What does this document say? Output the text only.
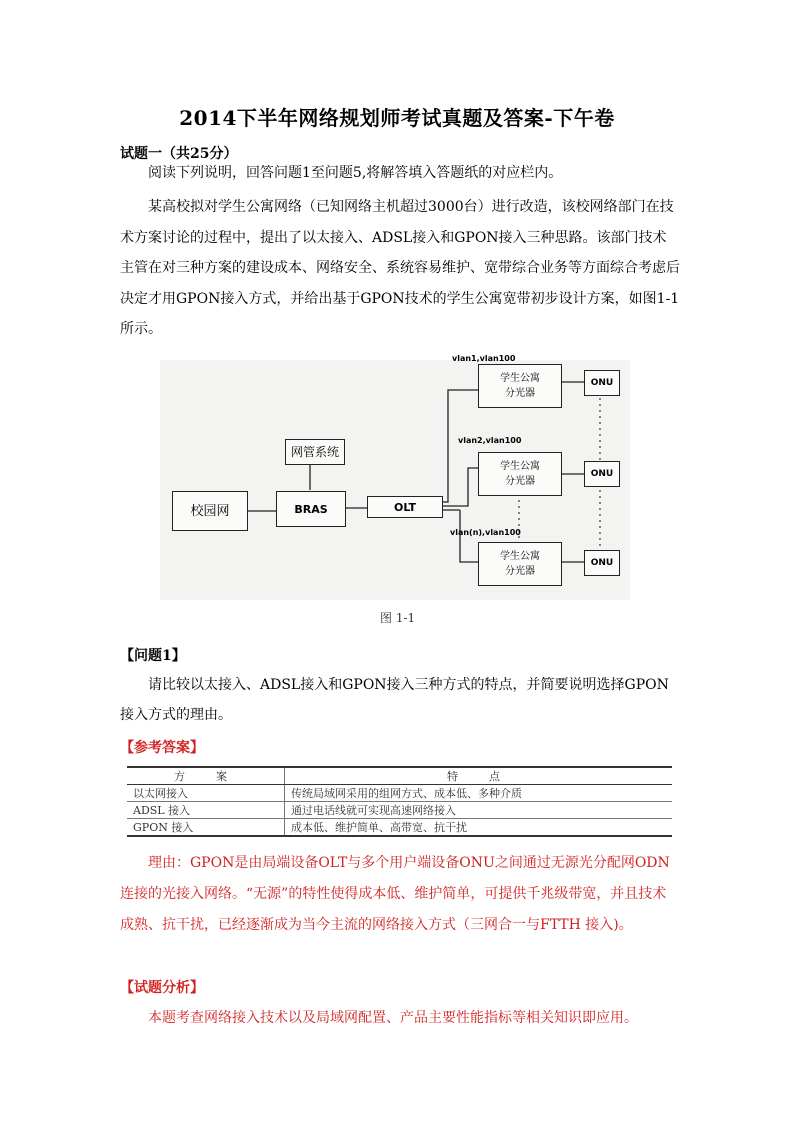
2014下半年网络规划师考试真题及答案-下午卷
试题一（共25分）
阅读下列说明，回答问题1至问题5,将解答填入答题纸的对应栏内。
某高校拟对学生公寓网络（已知网络主机超过3000台）进行改造，该校网络部门在技术方案讨论的过程中，提出了以太接入、ADSL接入和GPON接入三种思路。该部门技术主管在对三种方案的建设成本、网络安全、系统容易维护、宽带综合业务等方面综合考虑后决定才用GPON接入方式，并给出基于GPON技术的学生公寓宽带初步设计方案，如图1-1所示。
校园网
网管系统
BRAS	OLT
学生公寓
分光器
学生公寓
分光器
学生公寓
分光器
ONU
ONU
ONU
vlan1,vlan100
vlan2,vlan100
vlan(n),vlan100
图 1-1
【问题1】
请比较以太接入、ADSL接入和GPON接入三种方式的特点，并简要说明选择GPON接入方式的理由。
【参考答案】
方　案	特　点
以太网接入	传统局域网采用的组网方式、成本低、多种介质
ADSL 接入	通过电话线就可实现高速网络接入
GPON 接入	成本低、维护简单、高带宽、抗干扰
理由：GPON是由局端设备OLT与多个用户端设备ONU之间通过无源光分配网ODN连接的光接入网络。“无源”的特性使得成本低、维护简单，可提供千兆级带宽，并且技术成熟、抗干扰，已经逐渐成为当今主流的网络接入方式（三网合一与FTTH 接入)。
【试题分析】
本题考查网络接入技术以及局域网配置、产品主要性能指标等相关知识即应用。
